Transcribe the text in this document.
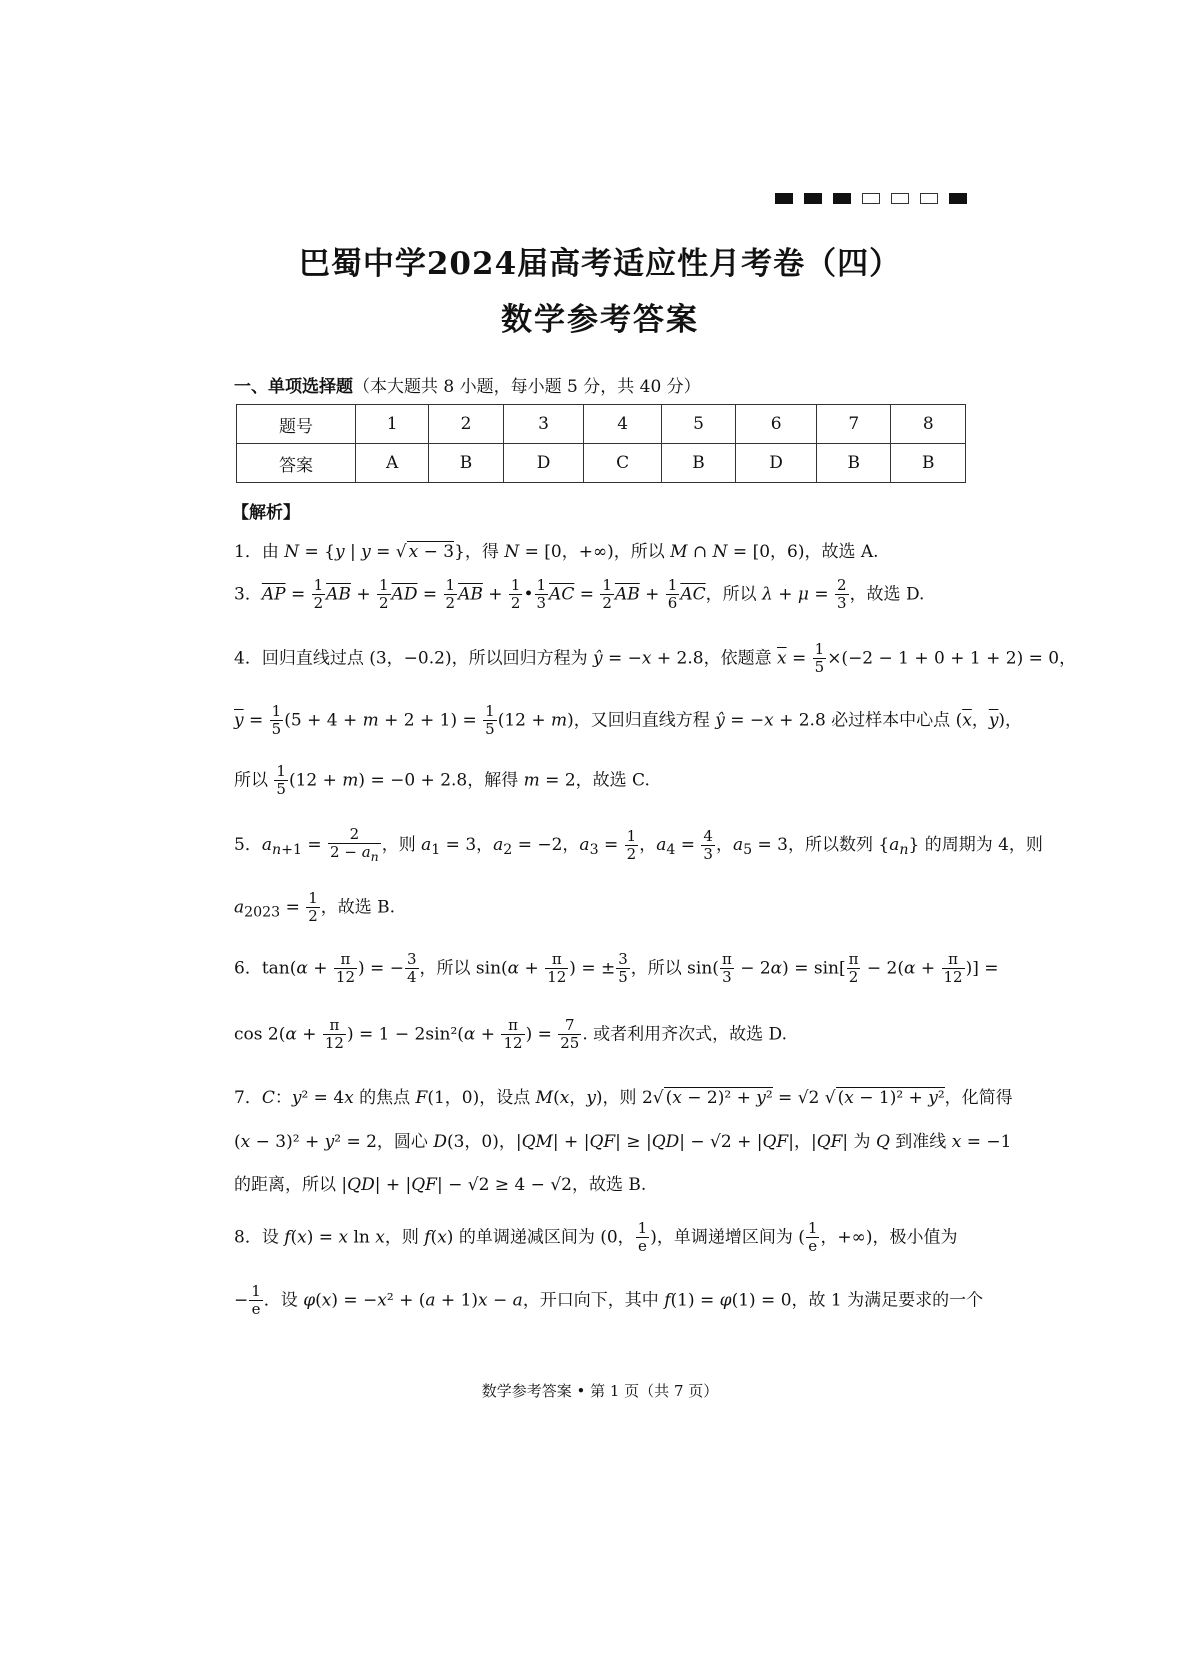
巴蜀中学2024届高考适应性月考卷（四）
数学参考答案
一、单项选择题（本大题共 8 小题，每小题 5 分，共 40 分）
题号	1	2	3	4	5	6	7	8
答案	A	B	D	C	B	D	B	B
【解析】
1．由 N = {y | y = √ x − 3}，得 N = [0，+∞)，所以 M ∩ N = [0，6)，故选 A.
3．$\overline{AP} = \frac{1}{2} \overline{AB} + \frac{1}{2} \overline{AD} = \frac{1}{2} \overline{AB} + \frac{1}{2}$ • $\frac{1}{3} \overline{AC} = \frac{1}{2} \overline{AB} + \frac{1}{6} \overline{AC}$，所以 $\lambda + \mu = \frac{2}{3}$ ，故选 D.
4．回归直线过点 (3，−0.2)，所以回归方程为 ŷ = −x + 2.8，依题意 $\overline{x} = \frac{1}{5} \times(-2 - 1 + 0 + 1 + 2) = 0$，
$\overline{y} = \frac{1}{5} (5 + 4 + m + 2 + 1) = \frac{1}{5} (12 + m)$，又回归直线方程 ŷ = −x + 2.8 必过样本中心点 ($\overline{x}$，$\overline{y}$)，
所以 $\frac{1}{5} (12 + m) = -0 + 2.8$，解得 m = 2，故选 C.
5．$a_{n+1} = \frac{2}{2 - a_n}$ ，则 $a_1 = 3$，$a_2 = -2$，$a_3 = \frac{1}{2}$ ，$a_4 = \frac{4}{3}$ ，$a_5 = 3$，所以数列 $\{a_n\}$ 的周期为 4，则
$a_{2023} = \frac{1}{2}$ ，故选 B.
6．$\tan(\alpha + \frac{\pi}{12}$ ) = − $\frac{3}{4}$ ，所以 $\sin(\alpha + \frac{\pi}{12}$ ) = ± $\frac{3}{5}$ ，所以 $\sin( \frac{\pi}{3} - 2\alpha) = \sin[ \frac{\pi}{2} - 2(\alpha + \frac{\pi}{12}$ )] =
$\cos 2(\alpha + \frac{\pi}{12}$ ) = $1 - 2\sin^2(\alpha + \frac{\pi}{12}$ ) = $\frac{7}{25}$ . 或者利用齐次式，故选 D.
7．C：y² = 4x 的焦点 F(1，0)，设点 M(x，y)，则 2√ (x − 2)² + y² = √2 √ (x − 1)² + y²，化简得
(x − 3)² + y² = 2，圆心 D(3，0)，|QM| + |QF| ≥ |QD| − √2 + |QF|，|QF| 为 Q 到准线 x = −1
的距离，所以 |QD| + |QF| − √2 ≥ 4 − √2，故选 B.
8．设 f(x) = x ln x，则 f(x) 的单调递减区间为 (0， $\frac{1}{e}$ )，单调递增区间为 ( $\frac{1}{e}$ ，+∞)，极小值为
− $\frac{1}{e}$ ．设 φ(x) = −x² + (a + 1)x − a，开口向下，其中 f(1) = φ(1) = 0，故 1 为满足要求的一个
数学参考答案 • 第 1 页（共 7 页）
